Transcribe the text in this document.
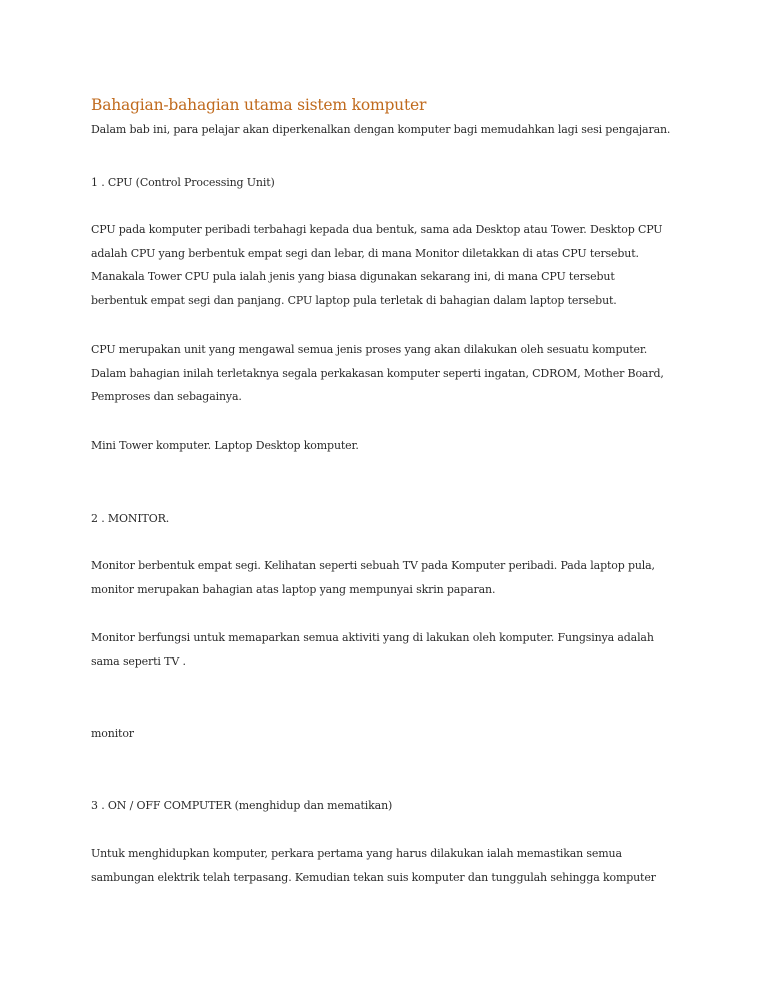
Bahagian-bahagian utama sistem komputer
Dalam bab ini, para pelajar akan diperkenalkan dengan komputer bagi memudahkan lagi sesi pengajaran.
1 . CPU (Control Processing Unit)
CPU pada komputer peribadi terbahagi kepada dua bentuk, sama ada Desktop atau Tower. Desktop CPU
adalah CPU yang berbentuk empat segi dan lebar, di mana Monitor diletakkan di atas CPU tersebut.
Manakala Tower CPU pula ialah jenis yang biasa digunakan sekarang ini, di mana CPU tersebut
berbentuk empat segi dan panjang. CPU laptop pula terletak di bahagian dalam laptop tersebut.
CPU merupakan unit yang mengawal semua jenis proses yang akan dilakukan oleh sesuatu komputer.
Dalam bahagian inilah terletaknya segala perkakasan komputer seperti ingatan, CDROM, Mother Board,
Pemproses dan sebagainya.
Mini Tower komputer. Laptop Desktop komputer.
2 . MONITOR.
Monitor berbentuk empat segi. Kelihatan seperti sebuah TV pada Komputer peribadi. Pada laptop pula,
monitor merupakan bahagian atas laptop yang mempunyai skrin paparan.
Monitor berfungsi untuk memaparkan semua aktiviti yang di lakukan oleh komputer. Fungsinya adalah
sama seperti TV .
monitor
3 . ON / OFF COMPUTER (menghidup dan mematikan)
Untuk menghidupkan komputer, perkara pertama yang harus dilakukan ialah memastikan semua
sambungan elektrik telah terpasang. Kemudian tekan suis komputer dan tunggulah sehingga komputer
